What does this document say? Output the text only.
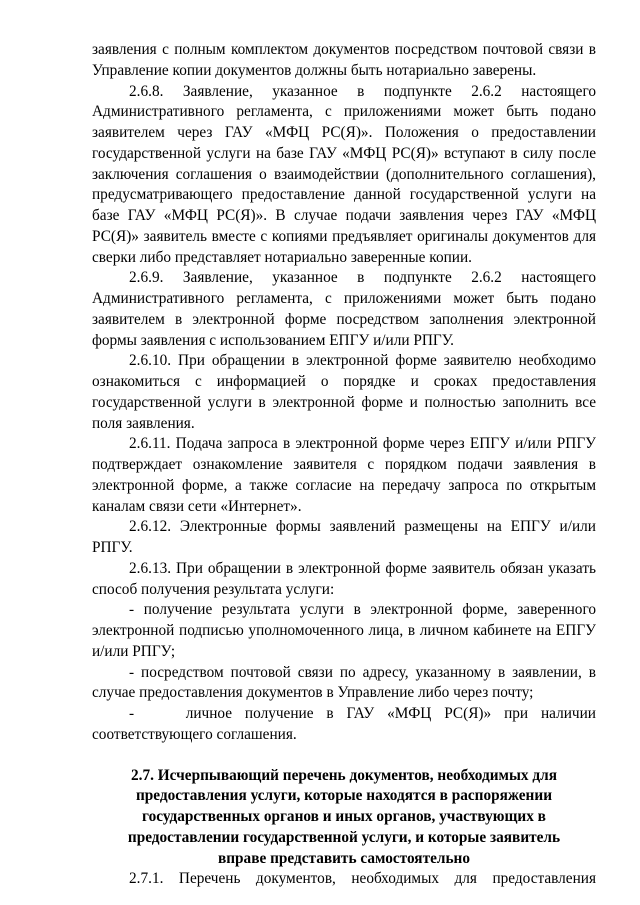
заявления с полным комплектом документов посредством почтовой связи в Управление копии документов должны быть нотариально заверены.

2.6.8. Заявление, указанное в подпункте 2.6.2 настоящего Административного регламента, с приложениями может быть подано заявителем через ГАУ «МФЦ РС(Я)». Положения о предоставлении государственной услуги на базе ГАУ «МФЦ РС(Я)» вступают в силу после заключения соглашения о взаимодействии (дополнительного соглашения), предусматривающего предоставление данной государственной услуги на базе ГАУ «МФЦ РС(Я)». В случае подачи заявления через ГАУ «МФЦ РС(Я)» заявитель вместе с копиями предъявляет оригиналы документов для сверки либо представляет нотариально заверенные копии.

2.6.9. Заявление, указанное в подпункте 2.6.2 настоящего Административного регламента, с приложениями может быть подано заявителем в электронной форме посредством заполнения электронной формы заявления с использованием ЕПГУ и/или РПГУ.

2.6.10. При обращении в электронной форме заявителю необходимо ознакомиться с информацией о порядке и сроках предоставления государственной услуги в электронной форме и полностью заполнить все поля заявления.

2.6.11. Подача запроса в электронной форме через ЕПГУ и/или РПГУ подтверждает ознакомление заявителя с порядком подачи заявления в электронной форме, а также согласие на передачу запроса по открытым каналам связи сети «Интернет».

2.6.12. Электронные формы заявлений размещены на ЕПГУ и/или РПГУ.

2.6.13. При обращении в электронной форме заявитель обязан указать способ получения результата услуги:

- получение результата услуги в электронной форме, заверенного электронной подписью уполномоченного лица, в личном кабинете на ЕПГУ и/или РПГУ;

- посредством почтовой связи по адресу, указанному в заявлении, в случае предоставления документов в Управление либо через почту;

-    личное получение в ГАУ «МФЦ РС(Я)» при наличии соответствующего соглашения.

2.7. Исчерпывающий перечень документов, необходимых для предоставления услуги, которые находятся в распоряжении государственных органов и иных органов, участвующих в предоставлении государственной услуги, и которые заявитель вправе представить самостоятельно

2.7.1. Перечень документов, необходимых для предоставления
